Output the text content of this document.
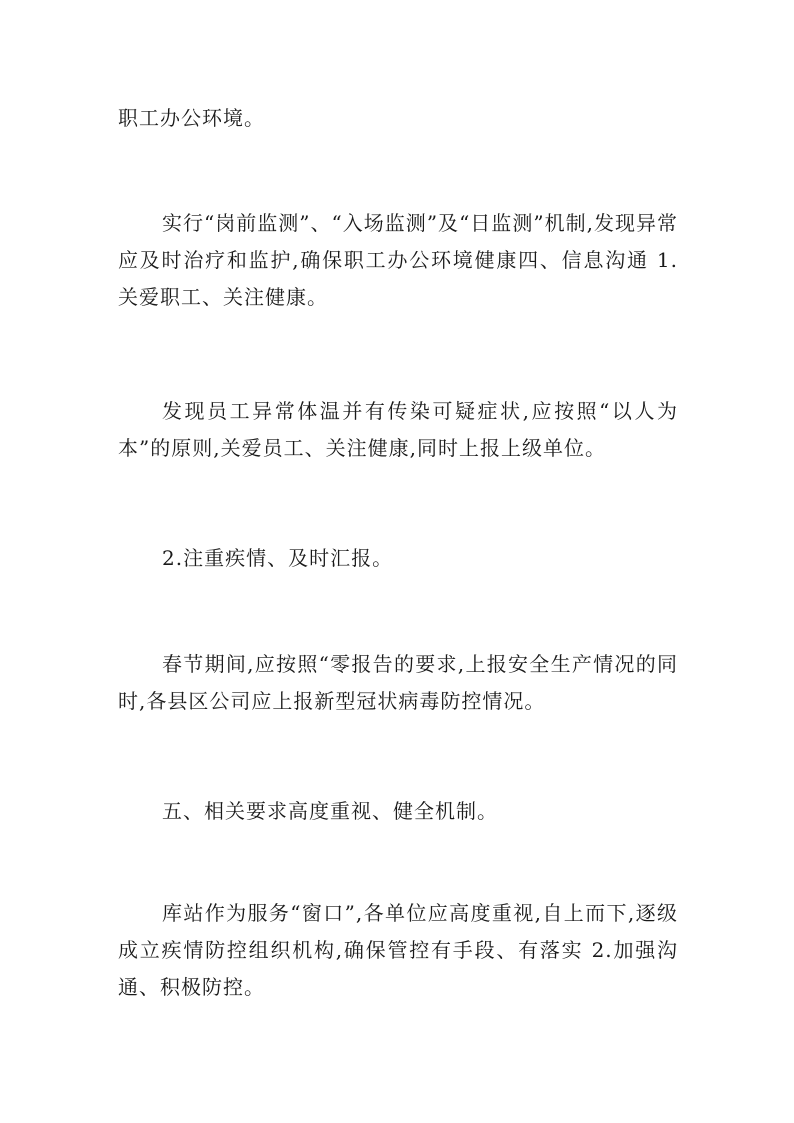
职工办公环境。

实行“岗前监测”、“入场监测”及“日监测”机制,发现异常应及时治疗和监护,确保职工办公环境健康四、信息沟通 1.关爱职工、关注健康。

发现员工异常体温并有传染可疑症状,应按照“以人为本”的原则,关爱员工、关注健康,同时上报上级单位。

2.注重疾情、及时汇报。

春节期间,应按照“零报告的要求,上报安全生产情况的同时,各县区公司应上报新型冠状病毒防控情况。

五、相关要求高度重视、健全机制。

库站作为服务“窗口”,各单位应高度重视,自上而下,逐级成立疾情防控组织机构,确保管控有手段、有落实 2.加强沟通、积极防控。
